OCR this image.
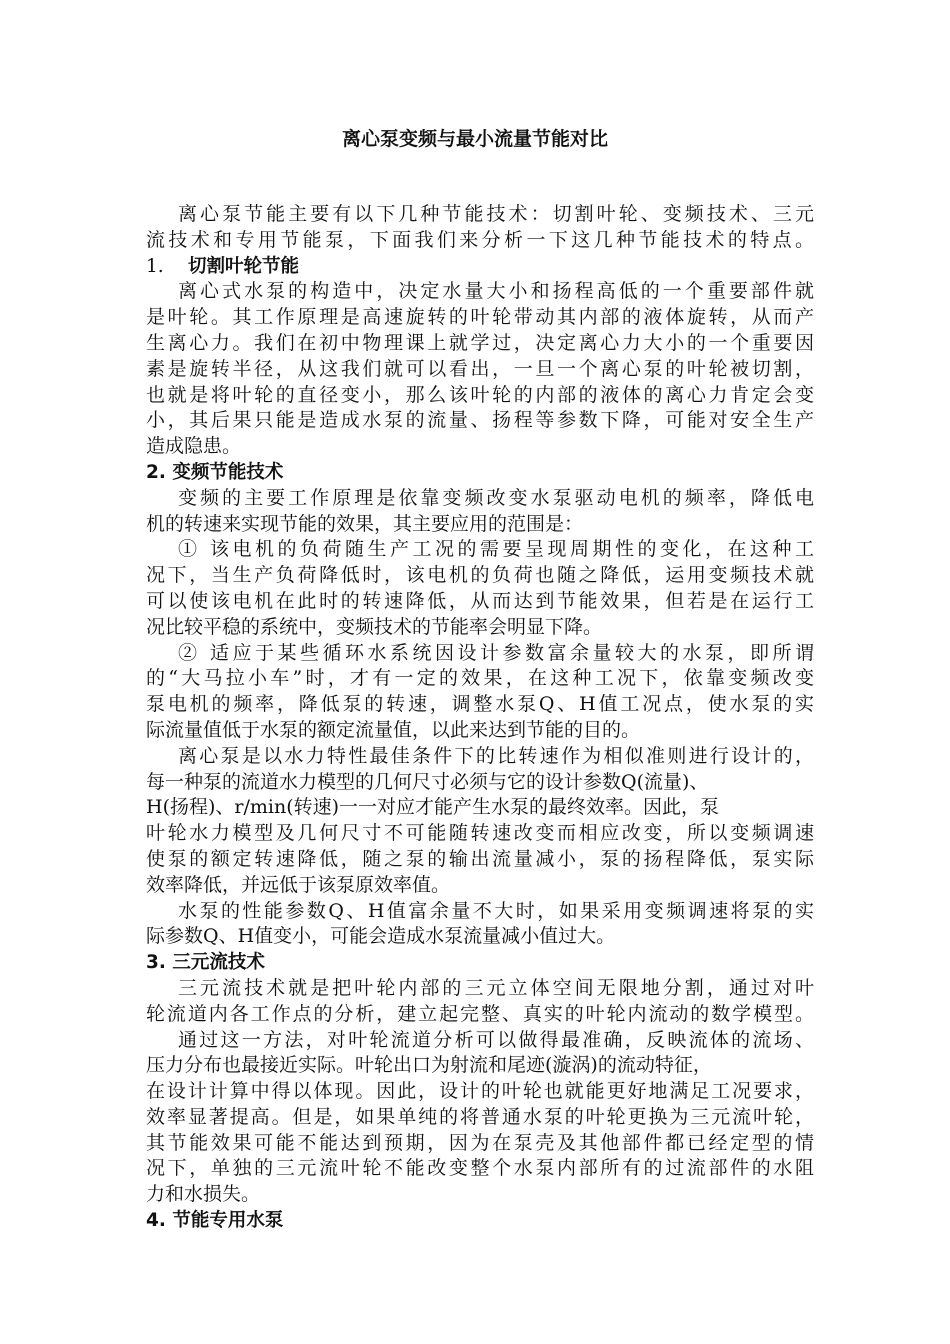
离心泵变频与最小流量节能对比
离心泵节能主要有以下几种节能技术：切割叶轮、变频技术、三元
流技术和专用节能泵，下面我们来分析一下这几种节能技术的特点。
1. 切割叶轮节能
离心式水泵的构造中，决定水量大小和扬程高低的一个重要部件就
是叶轮。其工作原理是高速旋转的叶轮带动其内部的液体旋转，从而产
生离心力。我们在初中物理课上就学过，决定离心力大小的一个重要因
素是旋转半径，从这我们就可以看出，一旦一个离心泵的叶轮被切割，
也就是将叶轮的直径变小，那么该叶轮的内部的液体的离心力肯定会变
小，其后果只能是造成水泵的流量、扬程等参数下降，可能对安全生产
造成隐患。
2. 变频节能技术
变频的主要工作原理是依靠变频改变水泵驱动电机的频率，降低电
机的转速来实现节能的效果，其主要应用的范围是：
① 该电机的负荷随生产工况的需要呈现周期性的变化，在这种工
况下，当生产负荷降低时，该电机的负荷也随之降低，运用变频技术就
可以使该电机在此时的转速降低，从而达到节能效果，但若是在运行工
况比较平稳的系统中，变频技术的节能率会明显下降。
② 适应于某些循环水系统因设计参数富余量较大的水泵，即所谓
的“大马拉小车”时，才有一定的效果，在这种工况下，依靠变频改变
泵电机的频率，降低泵的转速，调整水泵Q、H值工况点，使水泵的实
际流量值低于水泵的额定流量值，以此来达到节能的目的。
离心泵是以水力特性最佳条件下的比转速作为相似准则进行设计的，
每一种泵的流道水力模型的几何尺寸必须与它的设计参数Q(流量)、
H(扬程)、r/min(转速)一一对应才能产生水泵的最终效率。因此，泵
叶轮水力模型及几何尺寸不可能随转速改变而相应改变，所以变频调速
使泵的额定转速降低，随之泵的输出流量减小，泵的扬程降低，泵实际
效率降低，并远低于该泵原效率值。
水泵的性能参数Q、H值富余量不大时，如果采用变频调速将泵的实
际参数Q、H值变小，可能会造成水泵流量减小值过大。
3. 三元流技术
三元流技术就是把叶轮内部的三元立体空间无限地分割，通过对叶
轮流道内各工作点的分析，建立起完整、真实的叶轮内流动的数学模型。
通过这一方法，对叶轮流道分析可以做得最准确，反映流体的流场、
压力分布也最接近实际。叶轮出口为射流和尾迹(漩涡)的流动特征，
在设计计算中得以体现。因此，设计的叶轮也就能更好地满足工况要求，
效率显著提高。但是，如果单纯的将普通水泵的叶轮更换为三元流叶轮，
其节能效果可能不能达到预期，因为在泵壳及其他部件都已经定型的情
况下，单独的三元流叶轮不能改变整个水泵内部所有的过流部件的水阻
力和水损失。
4. 节能专用水泵
